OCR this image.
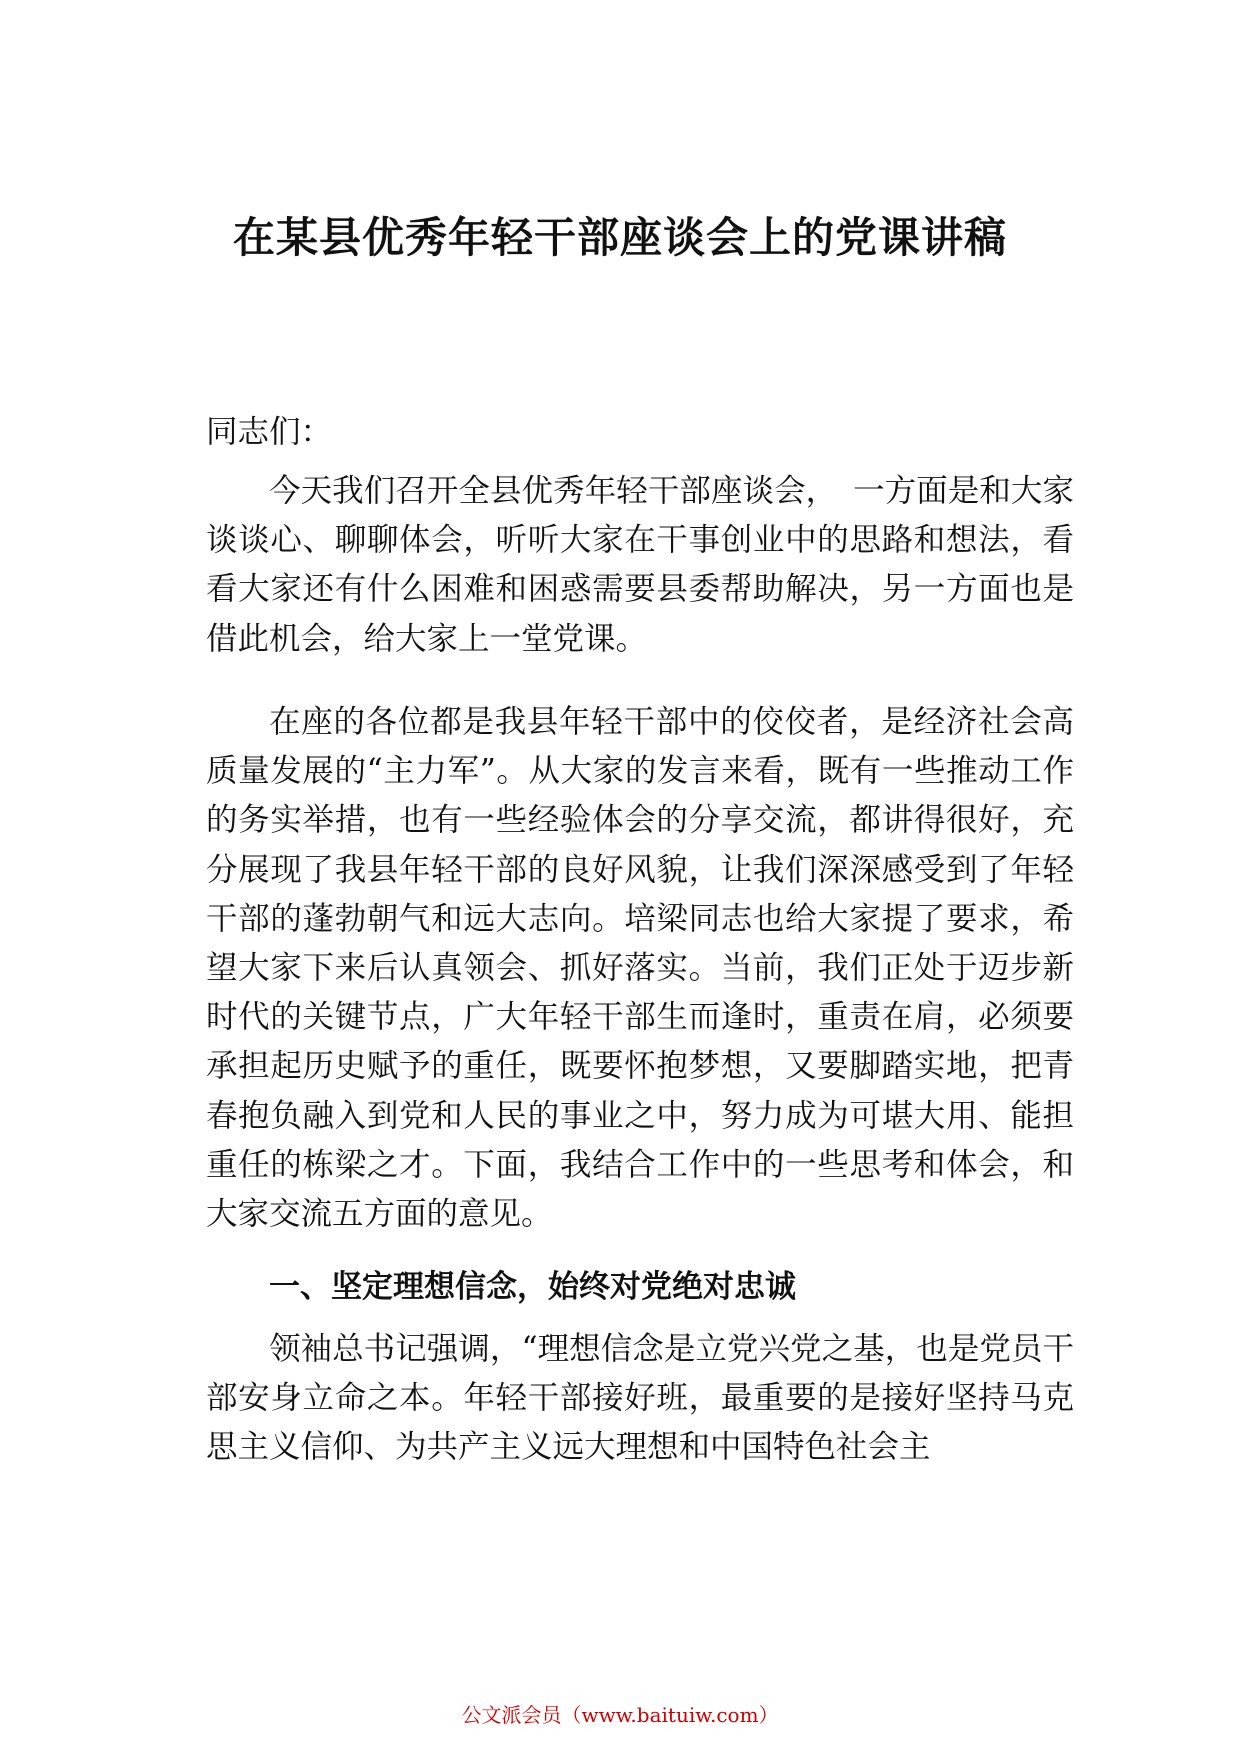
在某县优秀年轻干部座谈会上的党课讲稿

同志们：

今天我们召开全县优秀年轻干部座谈会，　一方面是和大家谈谈心、聊聊体会，听听大家在干事创业中的思路和想法，看看大家还有什么困难和困惑需要县委帮助解决，另一方面也是借此机会，给大家上一堂党课。

在座的各位都是我县年轻干部中的佼佼者，是经济社会高质量发展的“主力军”。从大家的发言来看，既有一些推动工作的务实举措，也有一些经验体会的分享交流，都讲得很好，充分展现了我县年轻干部的良好风貌，让我们深深感受到了年轻干部的蓬勃朝气和远大志向。培梁同志也给大家提了要求，希望大家下来后认真领会、抓好落实。当前，我们正处于迈步新时代的关键节点，广大年轻干部生而逢时，重责在肩，必须要承担起历史赋予的重任，既要怀抱梦想，又要脚踏实地，把青春抱负融入到党和人民的事业之中，努力成为可堪大用、能担重任的栋梁之才。下面，我结合工作中的一些思考和体会，和大家交流五方面的意见。

一、坚定理想信念，始终对党绝对忠诚

领袖总书记强调，“理想信念是立党兴党之基，也是党员干部安身立命之本。年轻干部接好班，最重要的是接好坚持马克思主义信仰、为共产主义远大理想和中国特色社会主

公文派会员（www.baituiw.com）
